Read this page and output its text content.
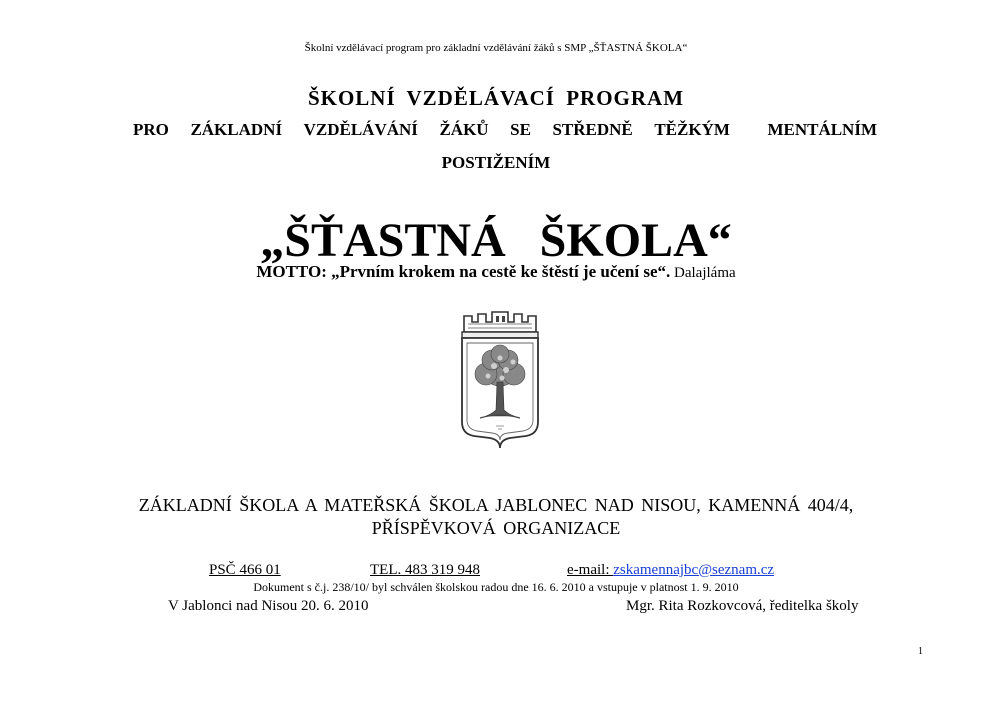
Školní vzdělávací program pro základní vzdělávání žáků s SMP „ŠŤASTNÁ ŠKOLA“
ŠKOLNÍ VZDĚLÁVACÍ PROGRAM
PRO ZÁKLADNÍ VZDĚLÁVÁNÍ ŽÁKŮ SE STŘEDNĚ TĚŽKÝM MENTÁLNÍM
POSTIŽENÍM
„ŠŤASTNÁ ŠKOLA“
MOTTO: „Prvním krokem na cestě ke štěstí je učení se“. Dalajláma
ZÁKLADNÍ ŠKOLA A MATEŘSKÁ ŠKOLA JABLONEC NAD NISOU, KAMENNÁ 404/4,
PŘÍSPĚVKOVÁ ORGANIZACE
PSČ 466 01	TEL. 483 319 948	e-mail: zskamennajbc@seznam.cz
Dokument s č.j. 238/10/ byl schválen školskou radou dne 16. 6. 2010 a vstupuje v platnost 1. 9. 2010
V Jablonci nad Nisou 20. 6. 2010	Mgr. Rita Rozkovcová, ředitelka školy
1
